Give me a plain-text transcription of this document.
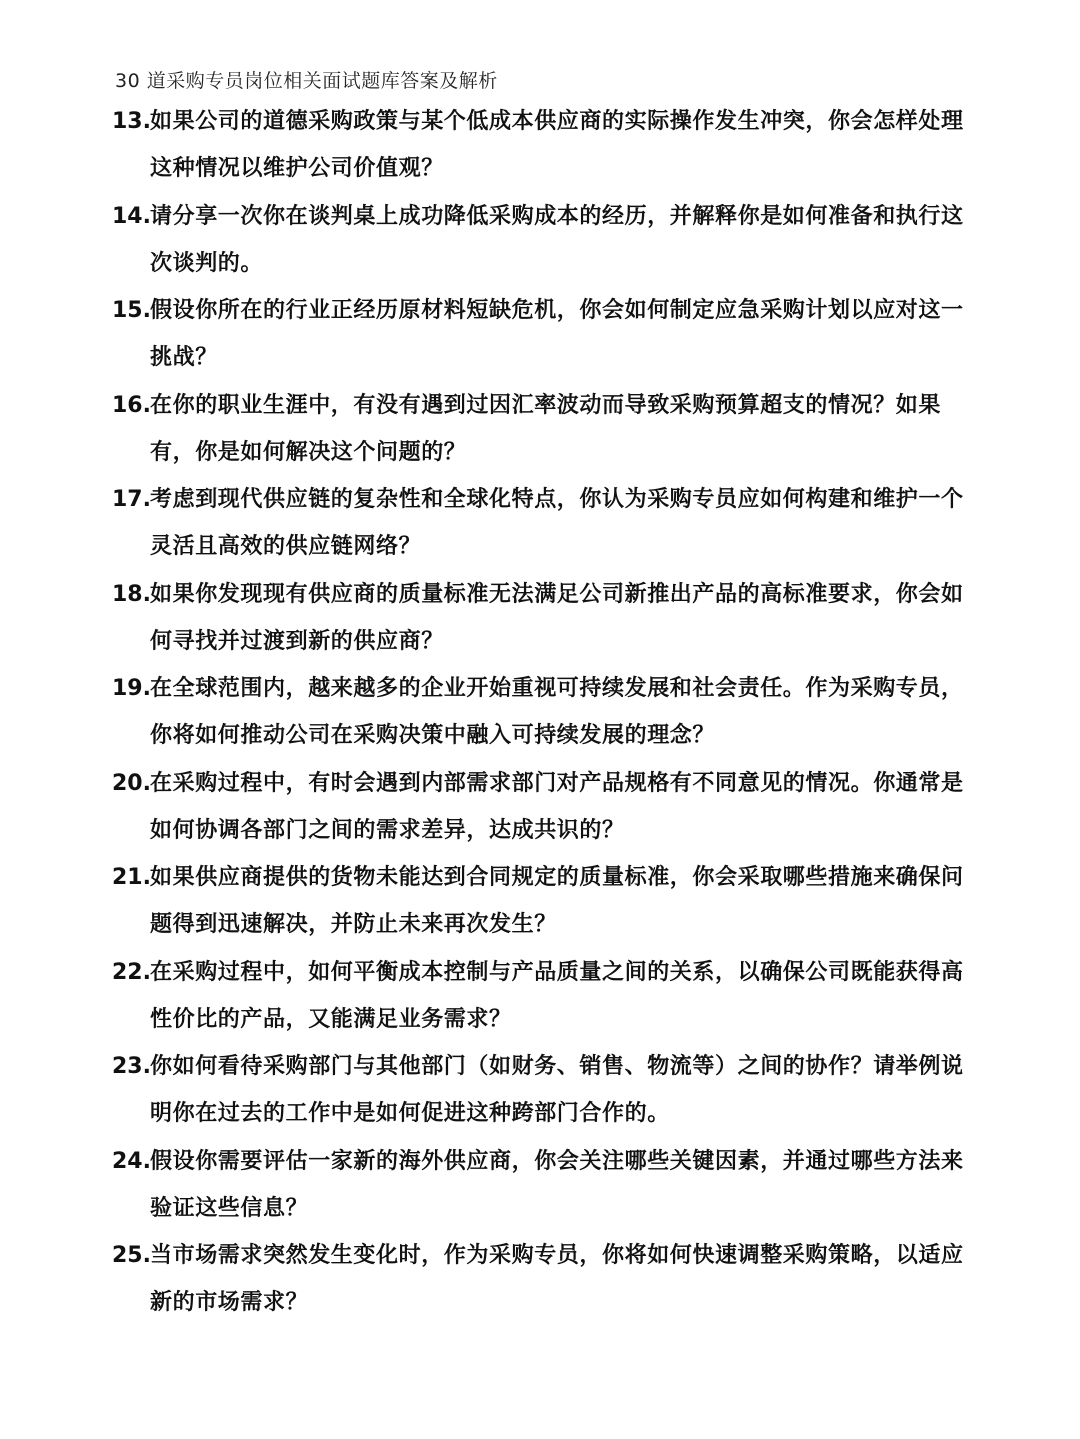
30 道采购专员岗位相关面试题库答案及解析
13. 如果公司的道德采购政策与某个低成本供应商的实际操作发生冲突，你会怎样处理这种情况以维护公司价值观？
14. 请分享一次你在谈判桌上成功降低采购成本的经历，并解释你是如何准备和执行这次谈判的。
15. 假设你所在的行业正经历原材料短缺危机，你会如何制定应急采购计划以应对这一挑战？
16. 在你的职业生涯中，有没有遇到过因汇率波动而导致采购预算超支的情况？如果有，你是如何解决这个问题的？
17. 考虑到现代供应链的复杂性和全球化特点，你认为采购专员应如何构建和维护一个灵活且高效的供应链网络？
18. 如果你发现现有供应商的质量标准无法满足公司新推出产品的高标准要求，你会如何寻找并过渡到新的供应商？
19. 在全球范围内，越来越多的企业开始重视可持续发展和社会责任。作为采购专员，你将如何推动公司在采购决策中融入可持续发展的理念？
20. 在采购过程中，有时会遇到内部需求部门对产品规格有不同意见的情况。你通常是如何协调各部门之间的需求差异，达成共识的？
21. 如果供应商提供的货物未能达到合同规定的质量标准，你会采取哪些措施来确保问题得到迅速解决，并防止未来再次发生？
22. 在采购过程中，如何平衡成本控制与产品质量之间的关系，以确保公司既能获得高性价比的产品，又能满足业务需求？
23. 你如何看待采购部门与其他部门（如财务、销售、物流等）之间的协作？请举例说明你在过去的工作中是如何促进这种跨部门合作的。
24. 假设你需要评估一家新的海外供应商，你会关注哪些关键因素，并通过哪些方法来验证这些信息？
25. 当市场需求突然发生变化时，作为采购专员，你将如何快速调整采购策略，以适应新的市场需求？
